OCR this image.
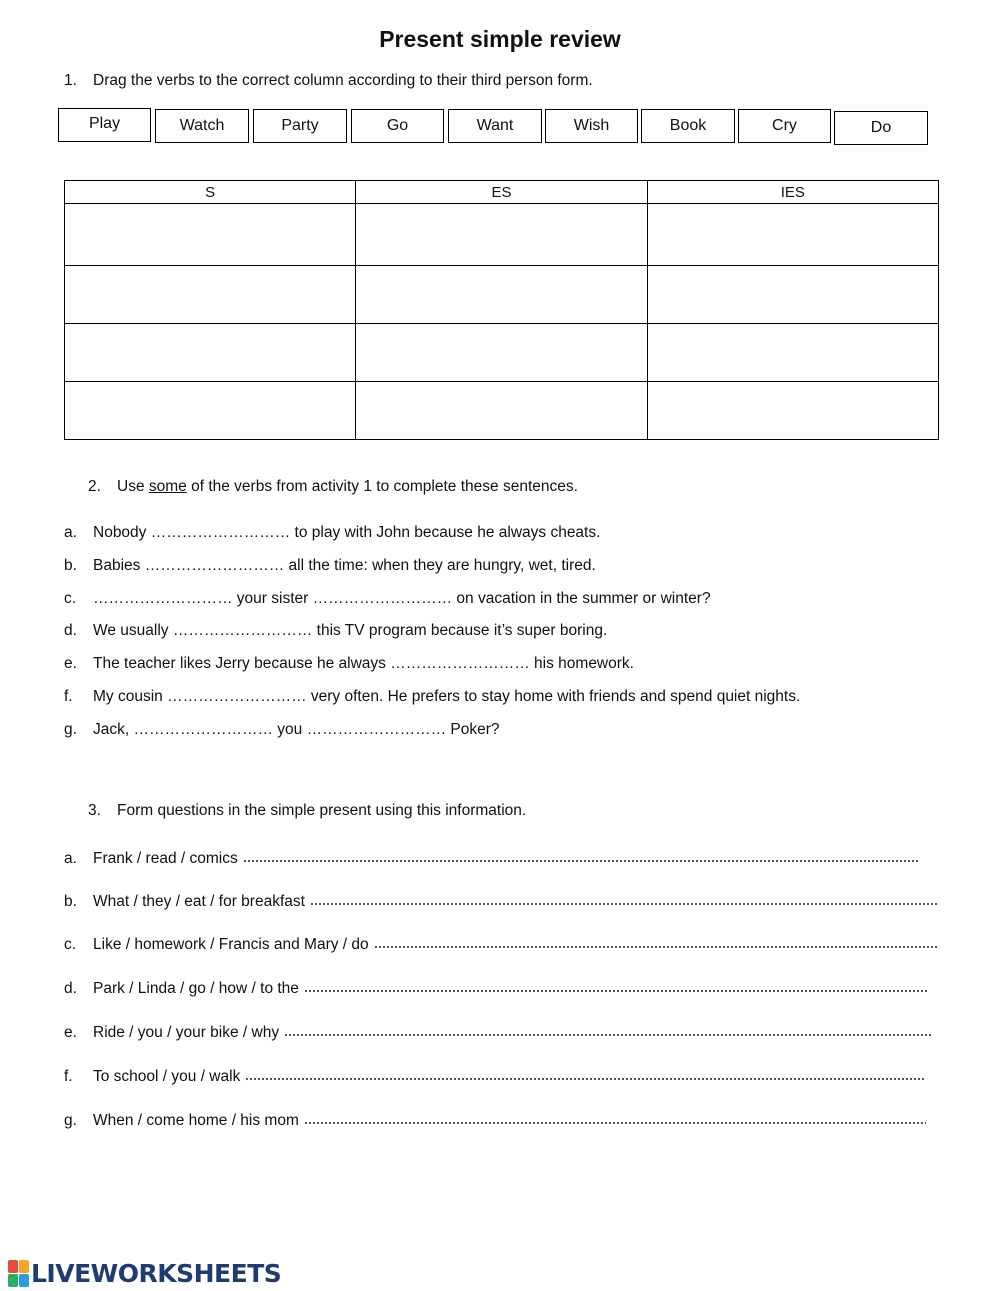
Present simple review
1. Drag the verbs to the correct column according to their third person form.
Play	Watch	Party	Go	Want	Wish	Book	Cry	Do
S	ES	IES

2. Use some of the verbs from activity 1 to complete these sentences.
a. Nobody ……………………… to play with John because he always cheats.
b. Babies ……………………… all the time: when they are hungry, wet, tired.
c. ……………………… your sister ……………………… on vacation in the summer or winter?
d. We usually ……………………… this TV program because it’s super boring.
e. The teacher likes Jerry because he always ……………………… his homework.
f. My cousin ……………………… very often. He prefers to stay home with friends and spend quiet nights.
g. Jack, ……………………… you ……………………… Poker?
3. Form questions in the simple present using this information.
a.	Frank / read / comics
b.	What / they / eat / for breakfast
c.	Like / homework / Francis and Mary / do
d.	Park / Linda / go / how / to the
e.	Ride / you / your bike / why
f.	To school / you / walk
g.	When / come home / his mom
LIVEWORKSHEETS
